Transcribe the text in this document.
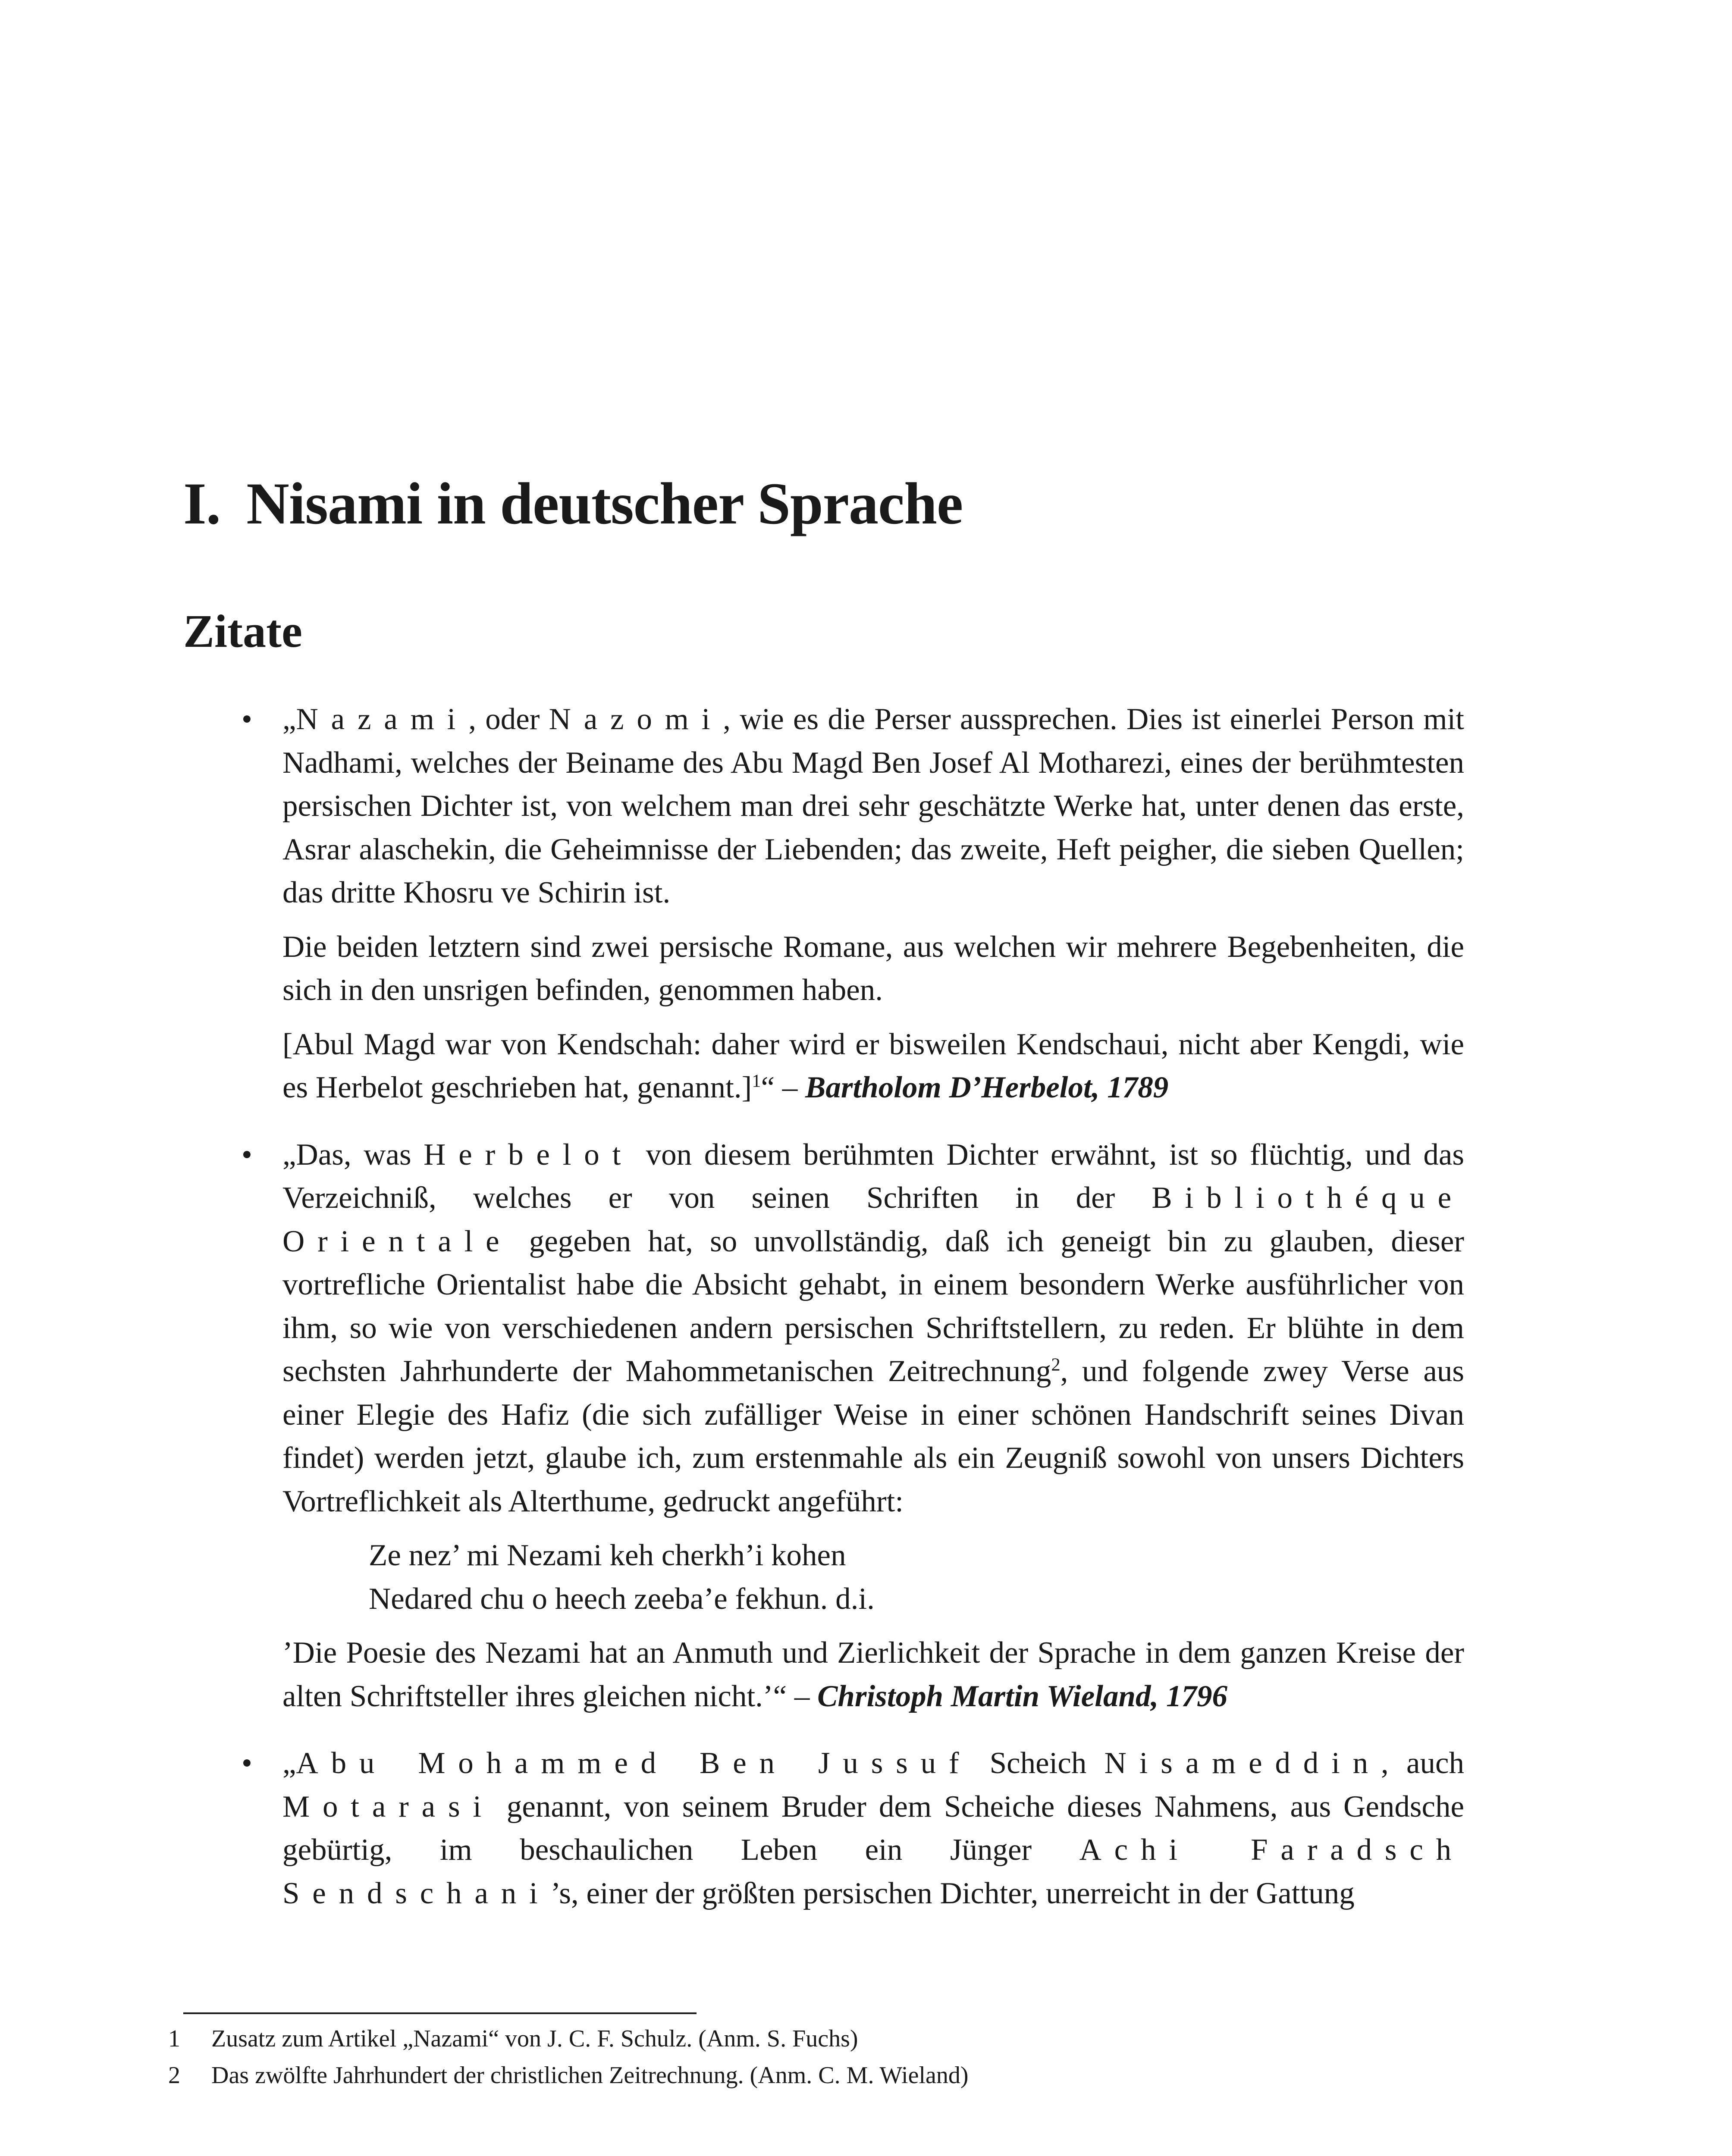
I. Nisami in deutscher Sprache
Zitate
• „Nazami, oder Nazomi, wie es die Perser aussprechen. Dies ist einerlei Person mit Nadhami, welches der Beiname des Abu Magd Ben Josef Al Motharezi, eines der berühmtesten persischen Dichter ist, von welchem man drei sehr geschätzte Werke hat, unter denen das erste, Asrar alaschekin, die Geheimnisse der Liebenden; das zweite, Heft peigher, die sieben Quellen; das dritte Khosru ve Schirin ist.

Die beiden letztern sind zwei persische Romane, aus welchen wir mehrere Begebenheiten, die sich in den unsrigen befinden, genommen haben.

[Abul Magd war von Kendschah: daher wird er bisweilen Kendschaui, nicht aber Kengdi, wie es Herbelot geschrieben hat, genannt.]$^1$“ – Bartholom D’Herbelot, 1789

• „Das, was Herbelot von diesem berühmten Dichter erwähnt, ist so flüchtig, und das Verzeichniß, welches er von seinen Schriften in der Bibliothéque Orientale gegeben hat, so unvollständig, daß ich geneigt bin zu glauben, dieser vortrefliche Orientalist habe die Absicht gehabt, in einem besondern Werke ausführlicher von ihm, so wie von verschiedenen andern persischen Schriftstellern, zu reden. Er blühte in dem sechsten Jahrhunderte der Mahommetanischen Zeitrechnung$^2$, und folgende zwey Verse aus einer Elegie des Hafiz (die sich zufälliger Weise in einer schönen Handschrift seines Divan findet) werden jetzt, glaube ich, zum erstenmahle als ein Zeugniß sowohl von unsers Dichters Vortreflichkeit als Alterthume, gedruckt angeführt:

Ze nez’ mi Nezami keh cherkh’i kohen
Nedared chu o heech zeeba’e fekhun. d.i.

’Die Poesie des Nezami hat an Anmuth und Zierlichkeit der Sprache in dem ganzen Kreise der alten Schriftsteller ihres gleichen nicht.’“ – Christoph Martin Wieland, 1796

• „Abu Mohammed Ben Jussuf Scheich Nisameddin, auch Motarasi genannt, von seinem Bruder dem Scheiche dieses Nahmens, aus Gendsche gebürtig, im beschaulichen Leben ein Jünger Achi Faradsch Sendschani’s, einer der größten persischen Dichter, unerreicht in der Gattung

1 Zusatz zum Artikel „Nazami“ von J. C. F. Schulz. (Anm. S. Fuchs)
2 Das zwölfte Jahrhundert der christlichen Zeitrechnung. (Anm. C. M. Wieland)
